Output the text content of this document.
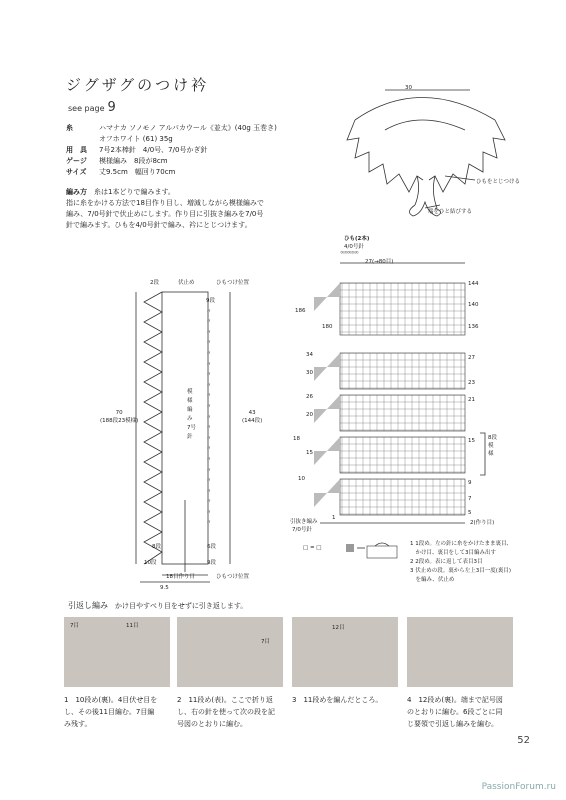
ジグザグのつけ衿
see page 9
糸	ハマナカ ソノモノ アルパカウール《並太》(40g 玉巻き)
オフホワイト (61) 35g
用　具 7号2本棒針　4/0号、7/0号かぎ針
ゲージ 模様編み　8段が8cm
サイズ 丈9.5cm　幅回り70cm
編み方　 糸は1本どりで編みます。
指に糸をかける方法で18目作り目し、増減しながら模様編みで
編み、7/0号針で伏止めにします。作り目に引抜き編みを7/0号
針で編みます。ひもを4/0号針で編み、衿にとじつけます。
30
ひもをとじつける
端をひと結びする
ひも(2本)
4/0号針
∞∞∞∞∞
2段	伏止め	ひもつけ位置
9段
〃
〃
〃
〃
〃
〃
〃
〃
〃
〃
〃
〃
〃
〃
〃
〃
〃
〃
〃
〃
〃
模様編み 7号針
70
(188段23模様)
43
(144段)
8段
10段
6段
9段
18目作り目	ひもつけ位置
9.5
27(→80目)
186
180
34
30
26
20
18
15
10
1
144
140
136
27
23
21
15
9
7
5
8段 模様
2(作り目)
引抜き編み
7/0号針
□ = □
1 1段め。左の針に糸をかけたまま裏目、
　かけ目、裏目をして3目編み出す
2 2段め。表に返して表目3目
3 伏止めの段。裏から左上3目一度(裏目)
　を編み、伏止め
引返し編み　 かけ目やすべり目をせずに引き返します。
7目	11目
7目
12目
1　10段め(裏)。4目伏せ目を
し、その後11目編む。7目編
み残す。
2　11段め(表)。ここで折り返
し、右の針を使って次の段を記
号図のとおりに編む。
3　11段めを編んだところ。	4　12段め(裏)。端まで記号図
のとおりに編む。6段ごとに同
じ要領で引返し編みを編む。
52
PassionForum.ru
